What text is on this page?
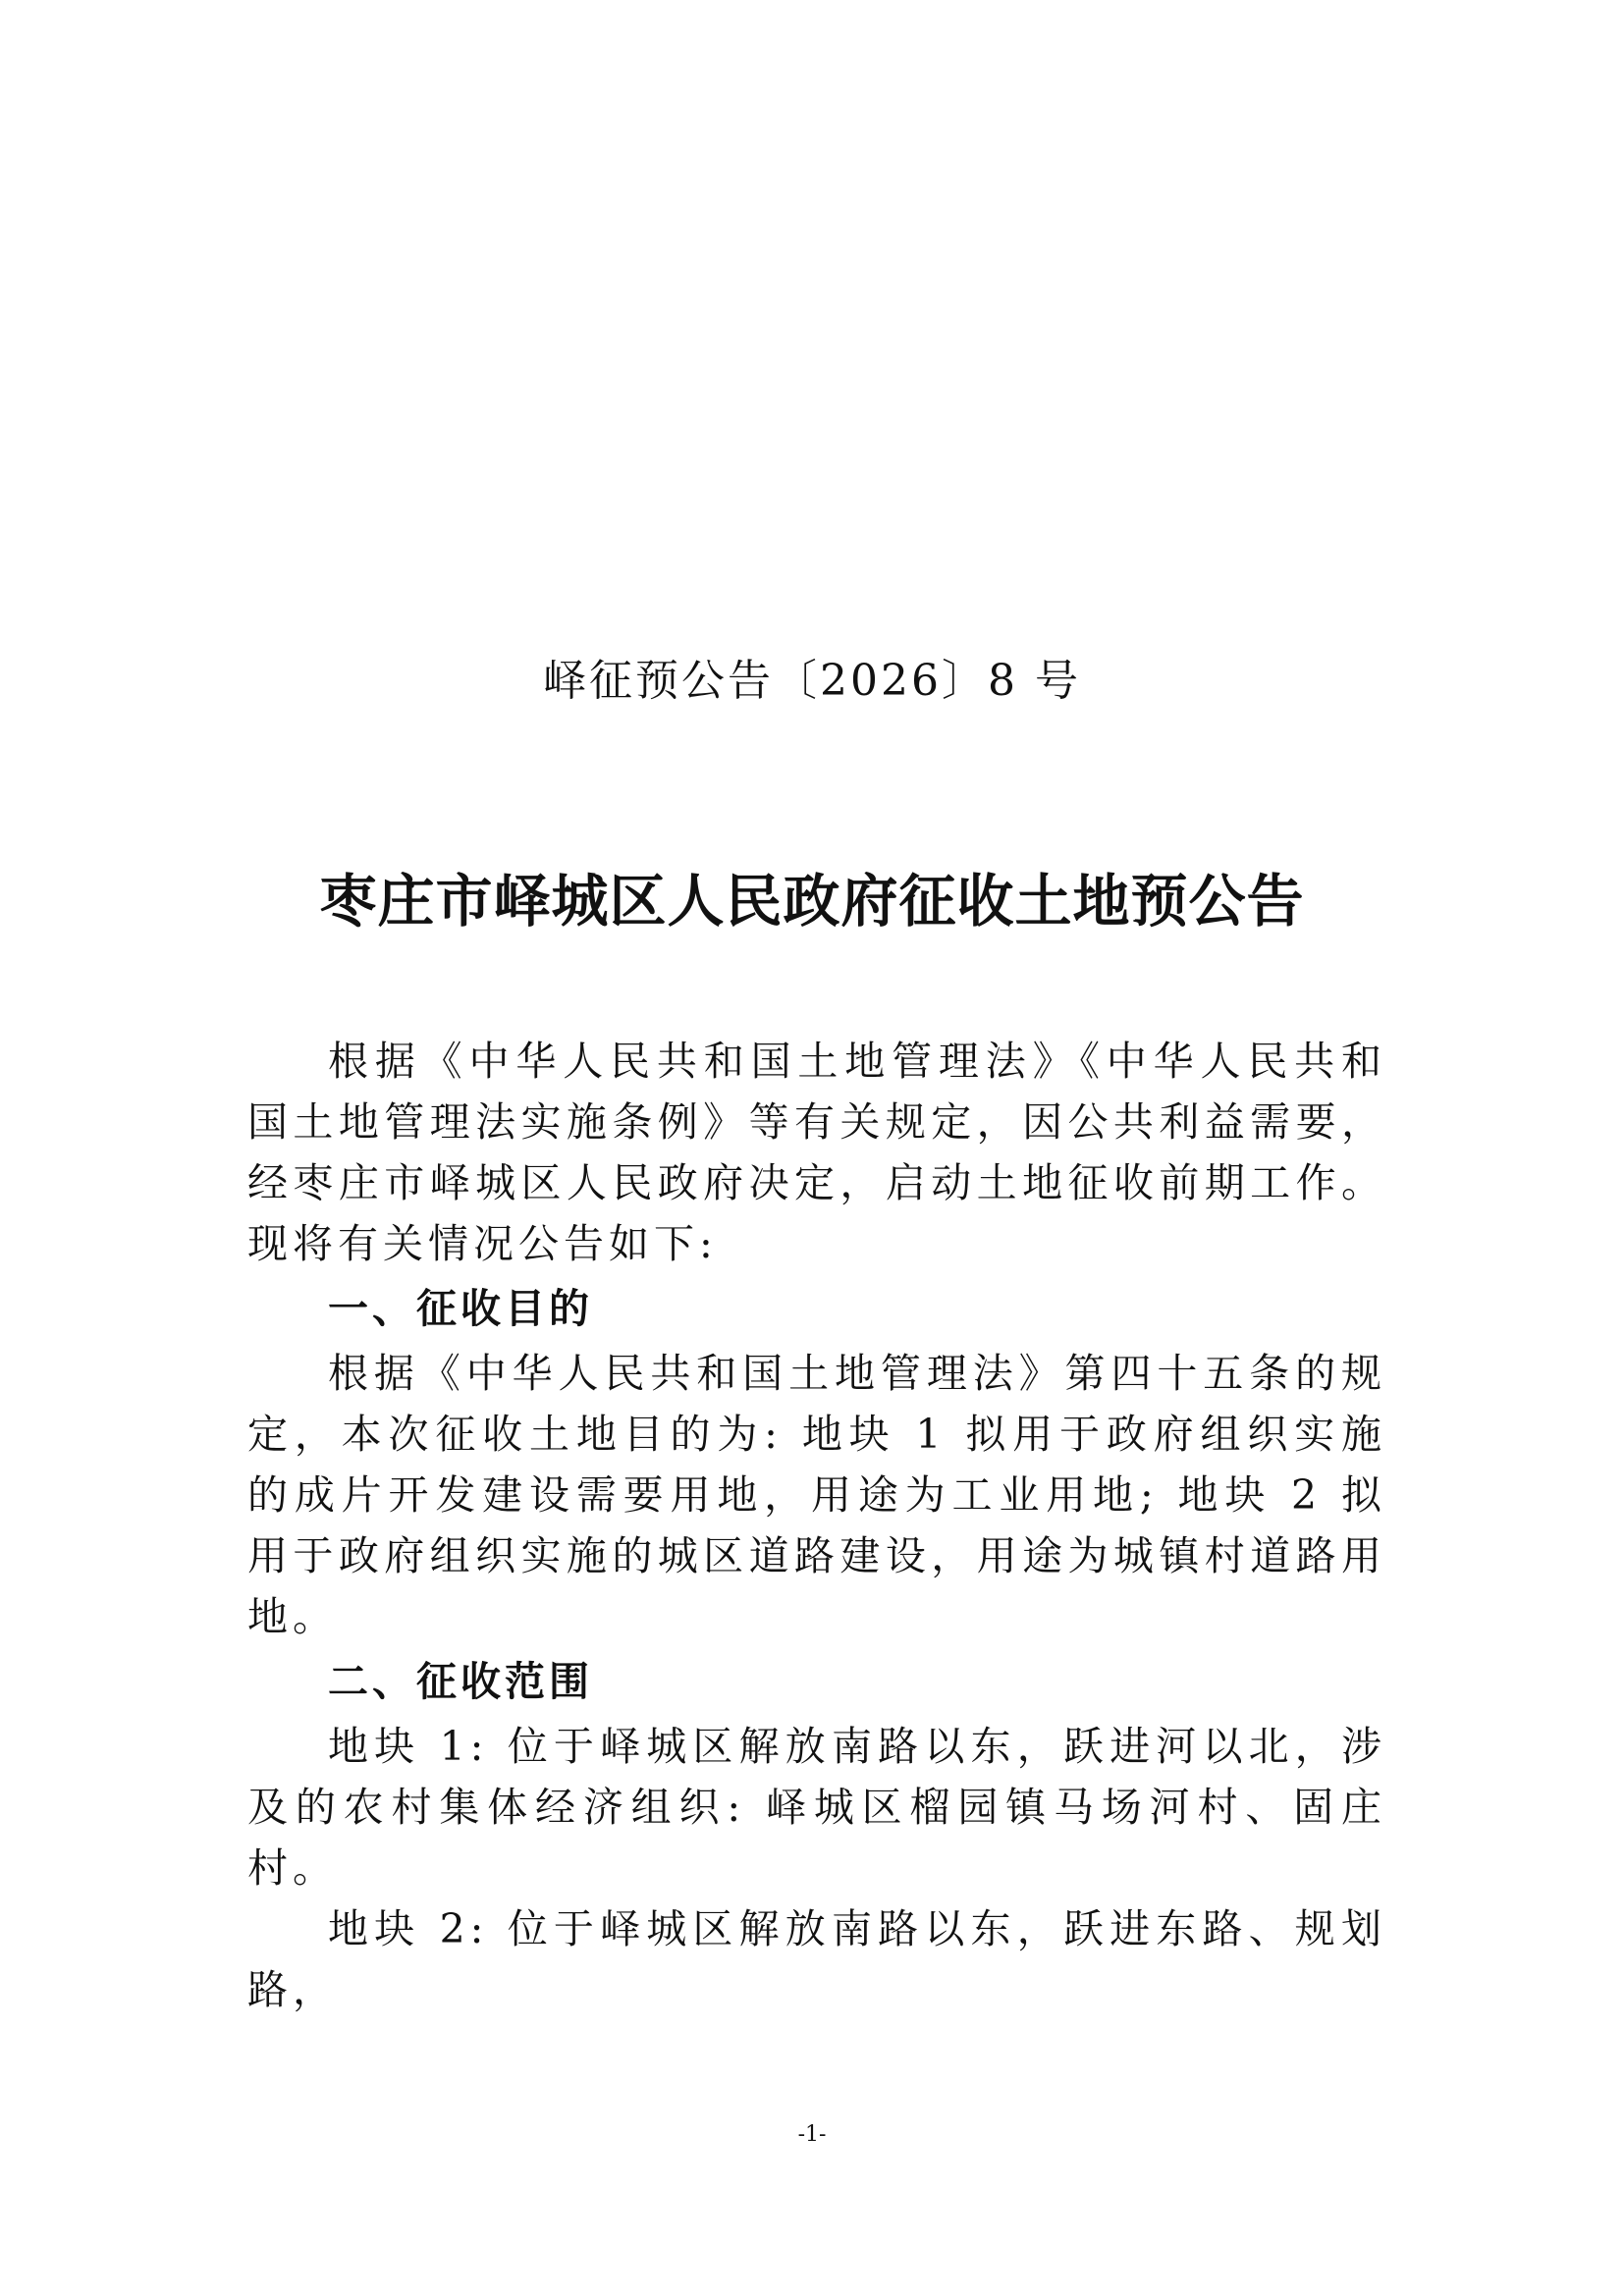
峄征预公告〔2026〕8 号
枣庄市峄城区人民政府征收土地预公告

根据《中华人民共和国土地管理法》《中华人民共和国土地管理法实施条例》等有关规定，因公共利益需要，经枣庄市峄城区人民政府决定，启动土地征收前期工作。现将有关情况公告如下:

一、征收目的

根据《中华人民共和国土地管理法》第四十五条的规定，本次征收土地目的为: 地块 1 拟用于政府组织实施的成片开发建设需要用地，用途为工业用地; 地块 2 拟用于政府组织实施的城区道路建设，用途为城镇村道路用地。

二、征收范围

地块 1: 位于峄城区解放南路以东，跃进河以北，涉及的农村集体经济组织: 峄城区榴园镇马场河村、固庄村。

地块 2: 位于峄城区解放南路以东，跃进东路、规划路，

-1-
